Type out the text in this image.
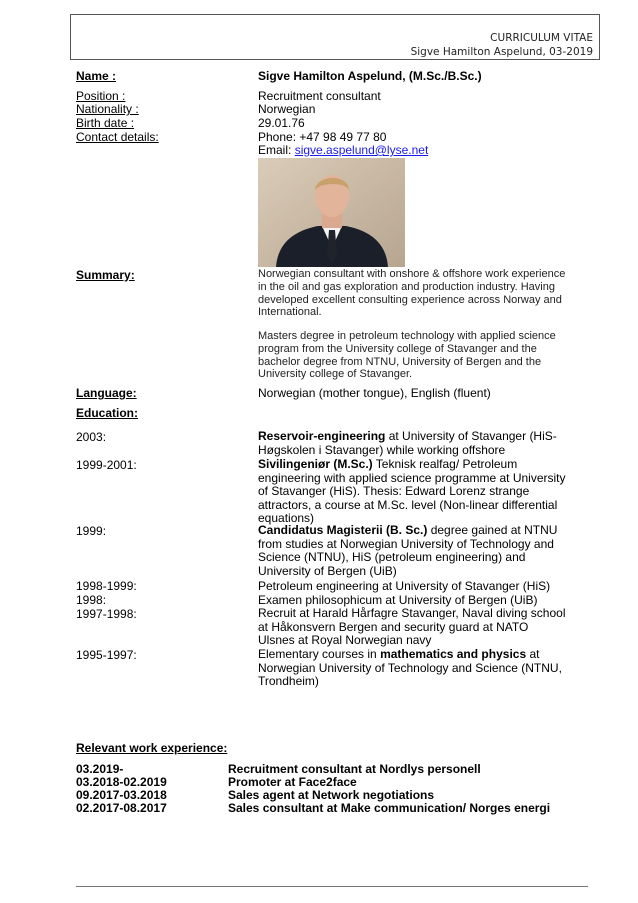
CURRICULUM VITAE
Sigve Hamilton Aspelund, 03-2019
Name :	Sigve Hamilton Aspelund, (M.Sc./B.Sc.)
Position :	Recruitment consultant
Nationality :	Norwegian
Birth date :	29.01.76
Contact details:	Phone: +47 98 49 77 80
Email: sigve.aspelund@lyse.net
Summary:	Norwegian consultant with onshore & offshore work experience in the oil and gas exploration and production industry. Having developed excellent consulting experience across Norway and International.
Masters degree in petroleum technology with applied science program from the University college of Stavanger and the bachelor degree from NTNU, University of Bergen and the University college of Stavanger.
Language:	Norwegian (mother tongue), English (fluent)
Education:
2003:	Reservoir-engineering at University of Stavanger (HiS-Høgskolen i Stavanger) while working offshore
1999-2001:	Sivilingeniør (M.Sc.) Teknisk realfag/ Petroleum engineering with applied science programme at University of Stavanger (HiS). Thesis: Edward Lorenz strange attractors, a course at M.Sc. level (Non-linear differential equations)
1999:	Candidatus Magisterii (B. Sc.) degree gained at NTNU from studies at Norwegian University of Technology and Science (NTNU), HiS (petroleum engineering) and University of Bergen (UiB)
1998-1999:	Petroleum engineering at University of Stavanger (HiS)
1998:	Examen philosophicum at University of Bergen (UiB)
1997-1998:	Recruit at Harald Hårfagre Stavanger, Naval diving school at Håkonsvern Bergen and security guard at NATO Ulsnes at Royal Norwegian navy
1995-1997:	Elementary courses in mathematics and physics at Norwegian University of Technology and Science (NTNU, Trondheim)
Relevant work experience:
03.2019-	Recruitment consultant at Nordlys personell
03.2018-02.2019	Promoter at Face2face
09.2017-03.2018	Sales agent at Network negotiations
02.2017-08.2017	Sales consultant at Make communication/ Norges energi
